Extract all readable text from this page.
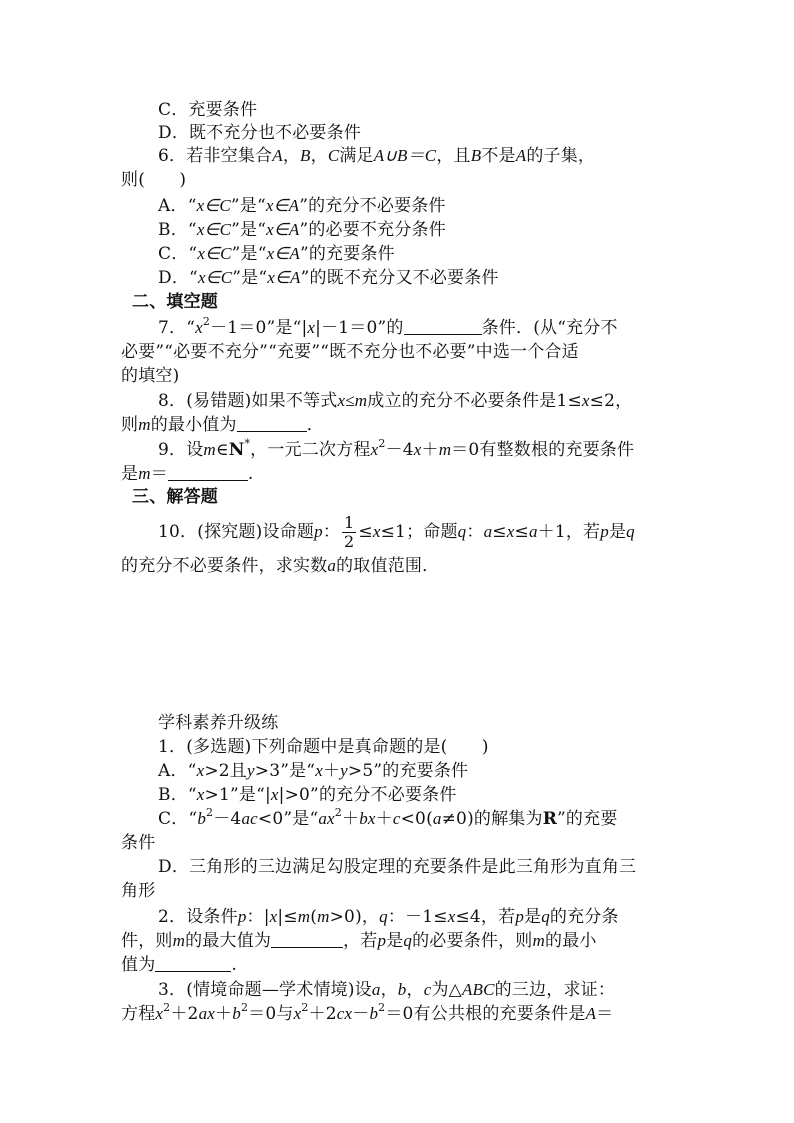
C．充要条件
D．既不充分也不必要条件
6．若非空集合A，B，C满足A∪B＝C，且B不是A的子集，
则(　　)
A．“x∈C”是“x∈A”的充分不必要条件
B．“x∈C”是“x∈A”的必要不充分条件
C．“x∈C”是“x∈A”的充要条件
D．“x∈C”是“x∈A”的既不充分又不必要条件
二、填空题
7．“$x^2-1=0$”是“|x|－1＝0”的	条件．(从“充分不
必要”“必要不充分”“充要”“既不充分也不必要”中选一个合适
的填空)
8．(易错题)如果不等式x≤m成立的充分不必要条件是1≤x≤2，
则m的最小值为	．
9．设m∈N*，一元二次方程$x^2-4x+m=0$有整数根的充要条件
是m＝	.
三、解答题
10．(探究题)设命题p： $\frac{1}{2} \le x\le 1$；命题q：a≤x≤a＋1，若p是q
的充分不必要条件，求实数a的取值范围．
学科素养升级练
1．(多选题)下列命题中是真命题的是(　　)
A．“x>2且y>3”是“x＋y>5”的充要条件
B．“x>1”是“|x|>0”的充分不必要条件
C．“$b^2-4ac<0$”是“$ax^2+bx+c<0(a\ne 0)$的解集为R”的充要
条件
D．三角形的三边满足勾股定理的充要条件是此三角形为直角三
角形
2．设条件p：|x|≤m(m>0)，q：－1≤x≤4，若p是q的充分条
件，则m的最大值为	，若p是q的必要条件，则m的最小
值为	.
3．(情境命题—学术情境)设a，b，c为△ABC的三边，求证：
方程$x^2+2ax+b^2=0$与$x^2+2cx-b^2=0$有公共根的充要条件是A＝
